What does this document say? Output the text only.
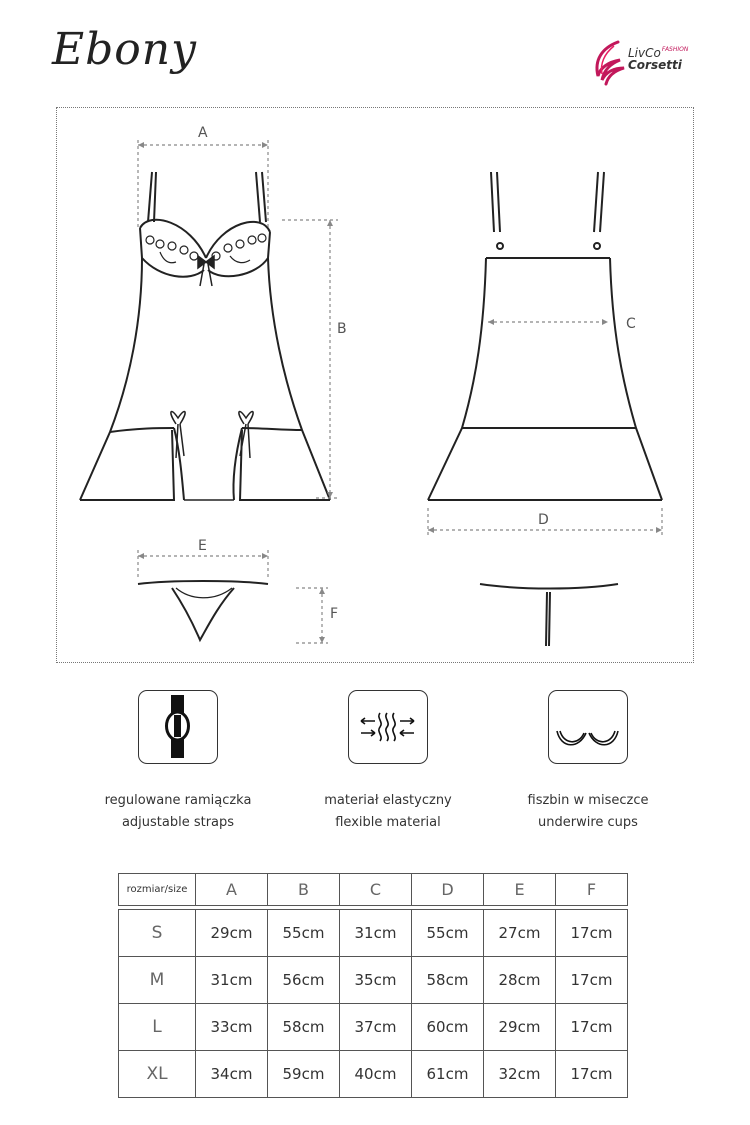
Ebony	LivCo$^{FASHION}$
Corsetti
A
B	C
D
E
F
regulowane ramiączka
adjustable straps
materiał elastyczny
flexible material
fiszbin w miseczce
underwire cups
rozmiar/size	A	B	C	D	E	F

S	29cm	55cm	31cm	55cm	27cm	17cm
M	31cm	56cm	35cm	58cm	28cm	17cm
L	33cm	58cm	37cm	60cm	29cm	17cm
XL	34cm	59cm	40cm	61cm	32cm	17cm
